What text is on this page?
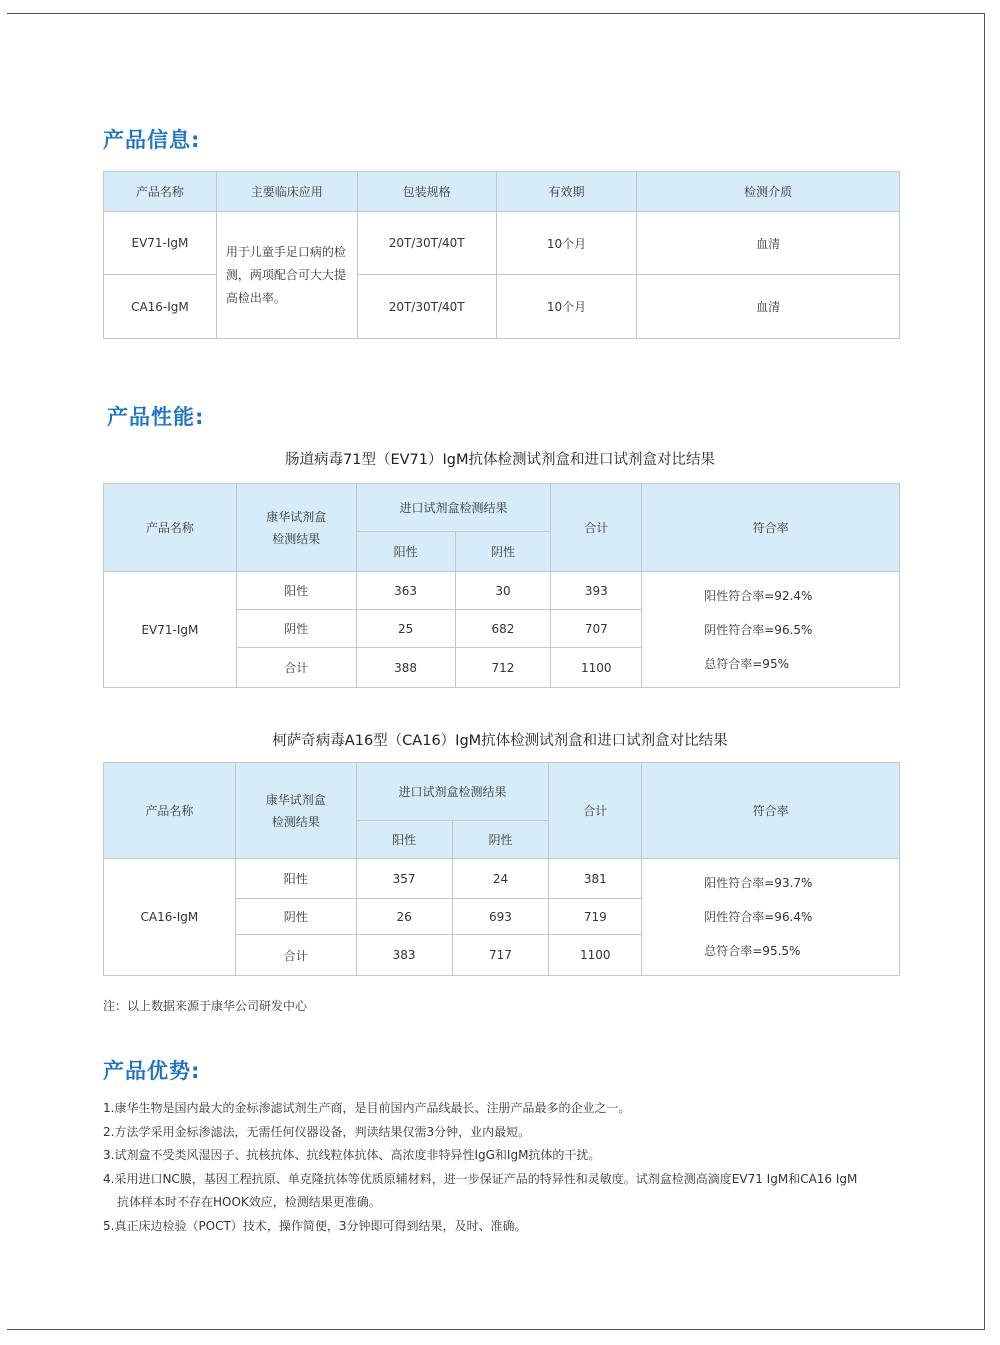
产品信息:
产品名称	主要临床应用	包装规格	有效期	检测介质
EV71-IgM	用于儿童手足口病的检测，两项配合可大大提高检出率。	20T/30T/40T	10个月	血清
CA16-IgM		20T/30T/40T	10个月	血清
产品性能:
肠道病毒71型（EV71）IgM抗体检测试剂盒和进口试剂盒对比结果
产品名称	康华试剂盒检测结果	进口试剂盒检测结果		合计	符合率
		阳性	阴性		
EV71-IgM	阳性	363	30	393	阳性符合率=92.4%
阴性符合率=96.5%
总符合率=95%

	阴性	25	682	707	
	合计	388	712	1100	
柯萨奇病毒A16型（CA16）IgM抗体检测试剂盒和进口试剂盒对比结果
产品名称	康华试剂盒检测结果	进口试剂盒检测结果		合计	符合率
		阳性	阴性		
CA16-IgM	阳性	357	24	381	阳性符合率=93.7%
阴性符合率=96.4%
总符合率=95.5%

	阴性	26	693	719	
	合计	383	717	1100	
注：以上数据来源于康华公司研发中心
产品优势:

1.康华生物是国内最大的金标渗滤试剂生产商，是目前国内产品线最长、注册产品最多的企业之一。

2.方法学采用金标渗滤法，无需任何仪器设备，判读结果仅需3分钟，业内最短。

3.试剂盒不受类风湿因子、抗核抗体、抗线粒体抗体、高浓度非特异性IgG和IgM抗体的干扰。

4.采用进口NC膜，基因工程抗原、单克隆抗体等优质原辅材料，进一步保证产品的特异性和灵敏度。试剂盒检测高滴度EV71 IgM和CA16 IgM

抗体样本时不存在HOOK效应，检测结果更准确。

5.真正床边检验（POCT）技术，操作简便，3分钟即可得到结果，及时、准确。
